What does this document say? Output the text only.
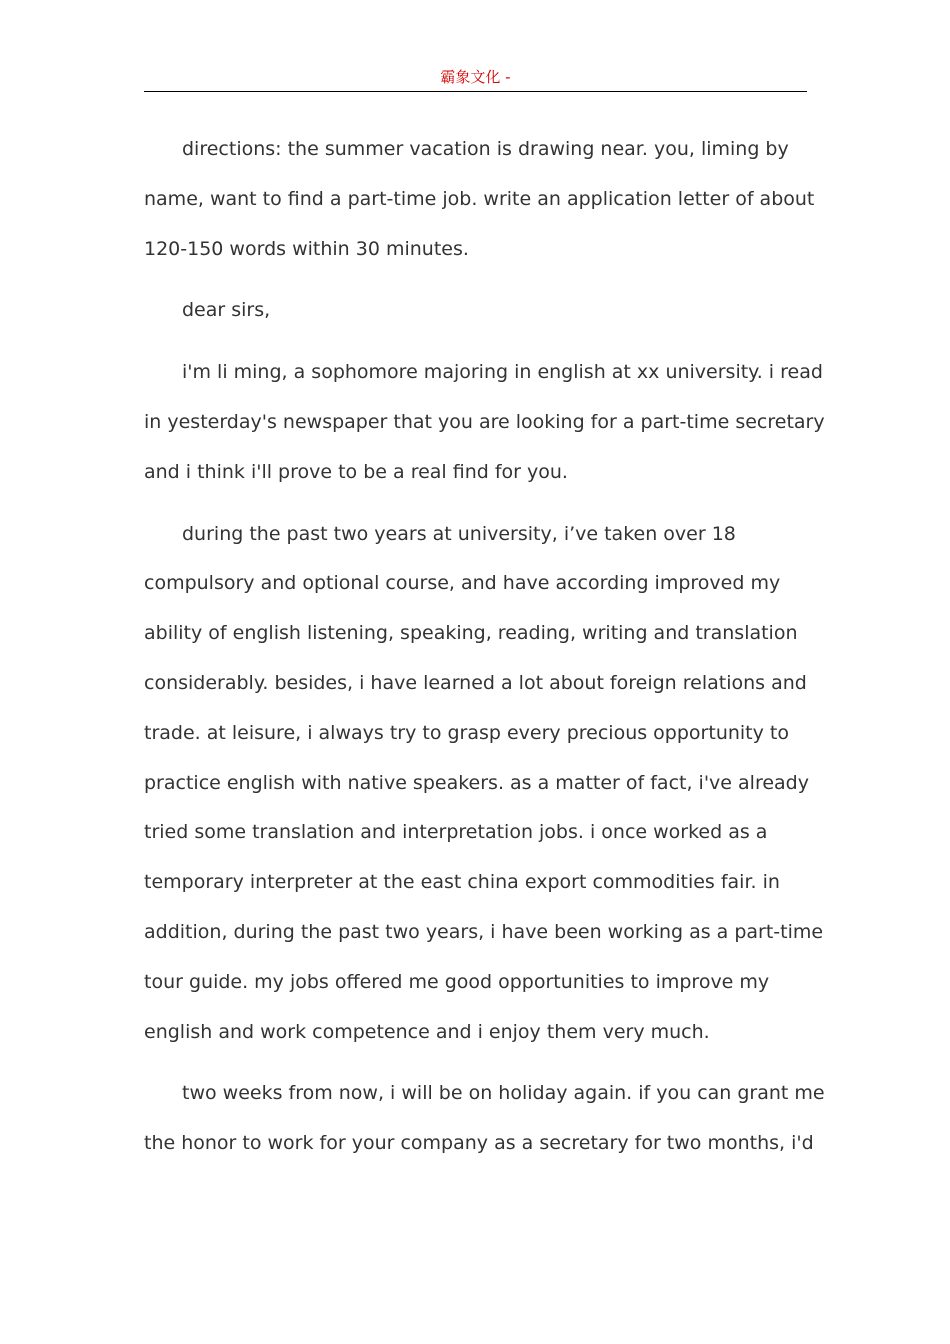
霸象文化 -

directions: the summer vacation is drawing near. you, liming by
name, want to find a part-time job. write an application letter of about
120-150 words within 30 minutes.

dear sirs,

i'm li ming, a sophomore majoring in english at xx university. i read
in yesterday's newspaper that you are looking for a part-time secretary
and i think i'll prove to be a real find for you.

during the past two years at university, i’ve taken over 18
compulsory and optional course, and have according improved my
ability of english listening, speaking, reading, writing and translation
considerably. besides, i have learned a lot about foreign relations and
trade. at leisure, i always try to grasp every precious opportunity to
practice english with native speakers. as a matter of fact, i've already
tried some translation and interpretation jobs. i once worked as a
temporary interpreter at the east china export commodities fair. in
addition, during the past two years, i have been working as a part-time
tour guide. my jobs offered me good opportunities to improve my
english and work competence and i enjoy them very much.

two weeks from now, i will be on holiday again. if you can grant me
the honor to work for your company as a secretary for two months, i'd
